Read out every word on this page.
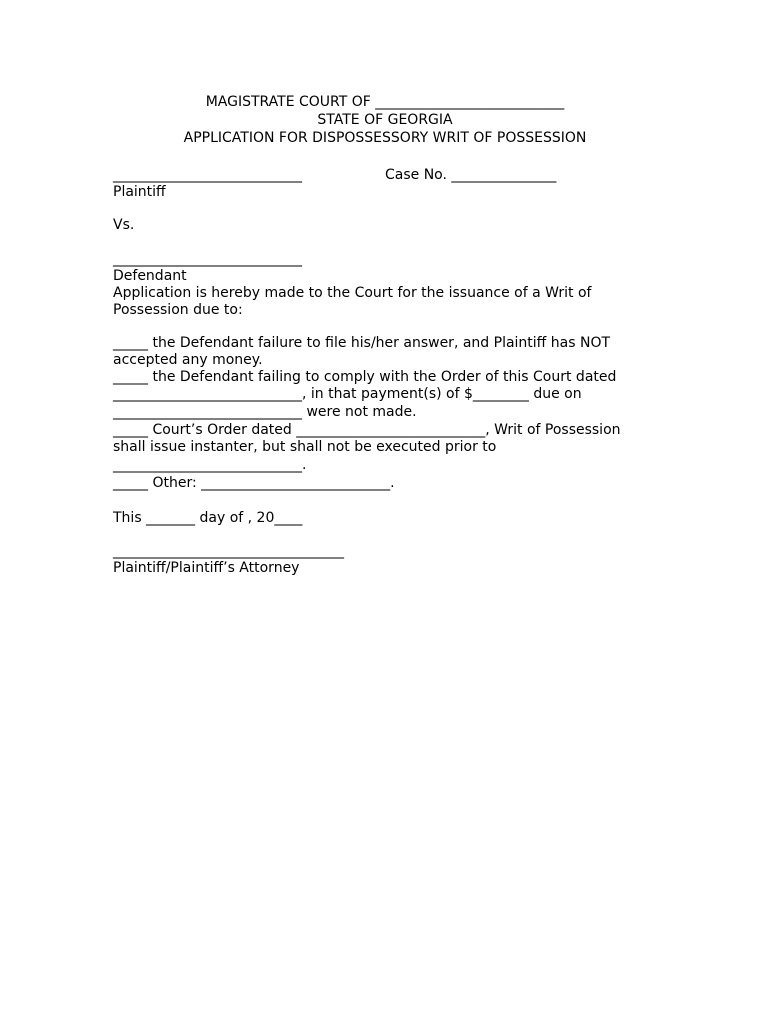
MAGISTRATE COURT OF ___________________________
STATE OF GEORGIA
APPLICATION FOR DISPOSSESSORY WRIT OF POSSESSION
___________________________	Case No. _______________
Plaintiff
Vs.
___________________________
Defendant
Application is hereby made to the Court for the issuance of a Writ of
Possession due to:
_____ the Defendant failure to file his/her answer, and Plaintiff has NOT
accepted any money.
_____ the Defendant failing to comply with the Order of this Court dated
___________________________, in that payment(s) of $________ due on
___________________________ were not made.
_____ Court’s Order dated ___________________________, Writ of Possession
shall issue instanter, but shall not be executed prior to
___________________________.
_____ Other: ___________________________.
This _______ day of , 20____
_________________________________
Plaintiff/Plaintiff’s Attorney
